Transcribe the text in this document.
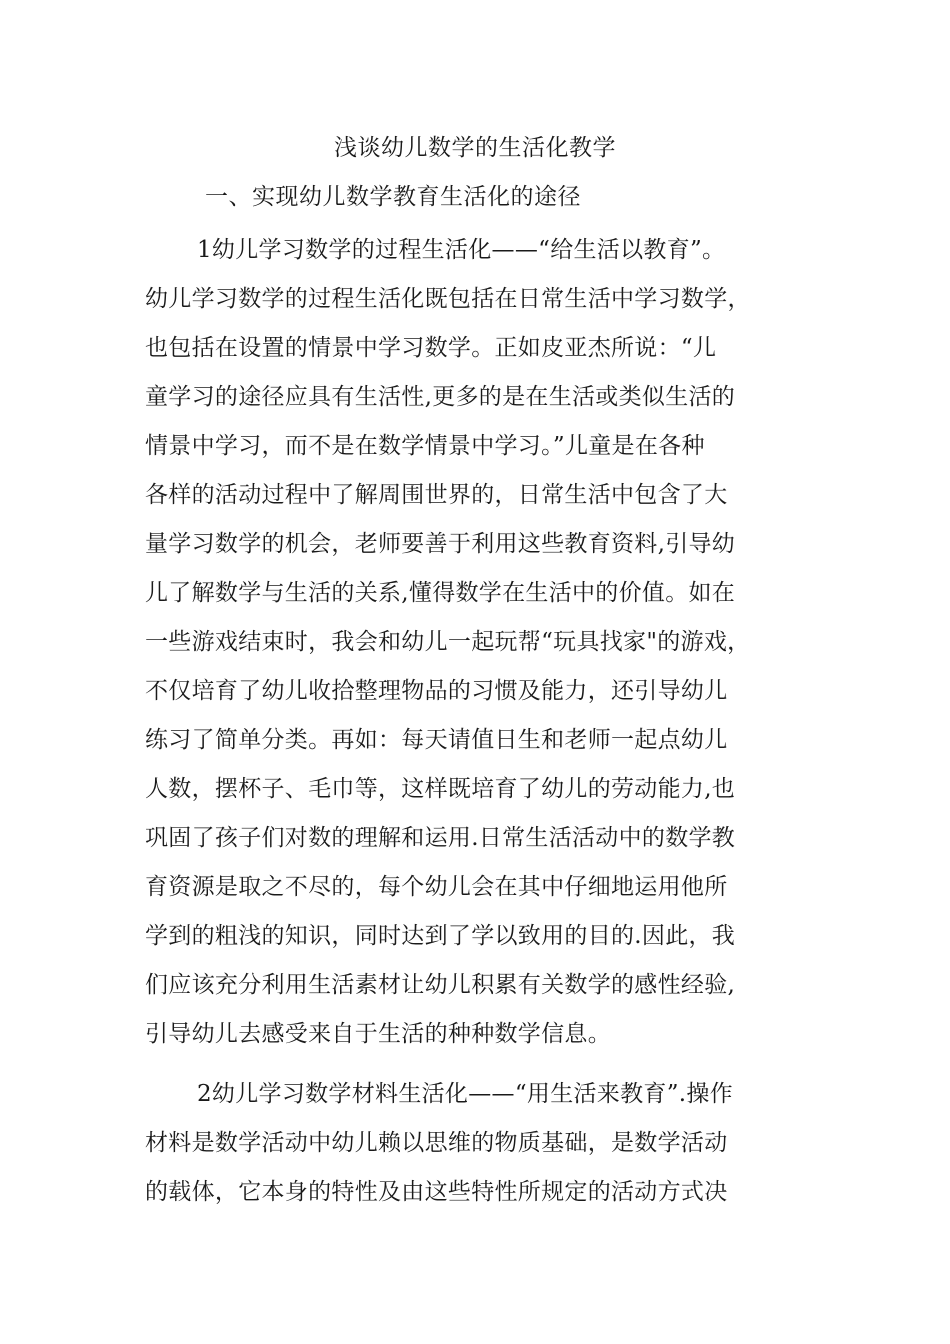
浅谈幼儿数学的生活化教学
一、实现幼儿数学教育生活化的途径
1幼儿学习数学的过程生活化——“给生活以教育”。
幼儿学习数学的过程生活化既包括在日常生活中学习数学，
也包括在设置的情景中学习数学。正如皮亚杰所说：“儿
童学习的途径应具有生活性,更多的是在生活或类似生活的
情景中学习，而不是在数学情景中学习。”儿童是在各种
各样的活动过程中了解周围世界的，日常生活中包含了大
量学习数学的机会，老师要善于利用这些教育资料,引导幼
儿了解数学与生活的关系,懂得数学在生活中的价值。如在
一些游戏结束时，我会和幼儿一起玩帮“玩具找家"的游戏，
不仅培育了幼儿收拾整理物品的习惯及能力，还引导幼儿
练习了简单分类。再如：每天请值日生和老师一起点幼儿
人数，摆杯子、毛巾等，这样既培育了幼儿的劳动能力,也
巩固了孩子们对数的理解和运用.日常生活活动中的数学教
育资源是取之不尽的，每个幼儿会在其中仔细地运用他所
学到的粗浅的知识，同时达到了学以致用的目的.因此，我
们应该充分利用生活素材让幼儿积累有关数学的感性经验,
引导幼儿去感受来自于生活的种种数学信息。
2幼儿学习数学材料生活化——“用生活来教育”.操作
材料是数学活动中幼儿赖以思维的物质基础，是数学活动
的载体，它本身的特性及由这些特性所规定的活动方式决
